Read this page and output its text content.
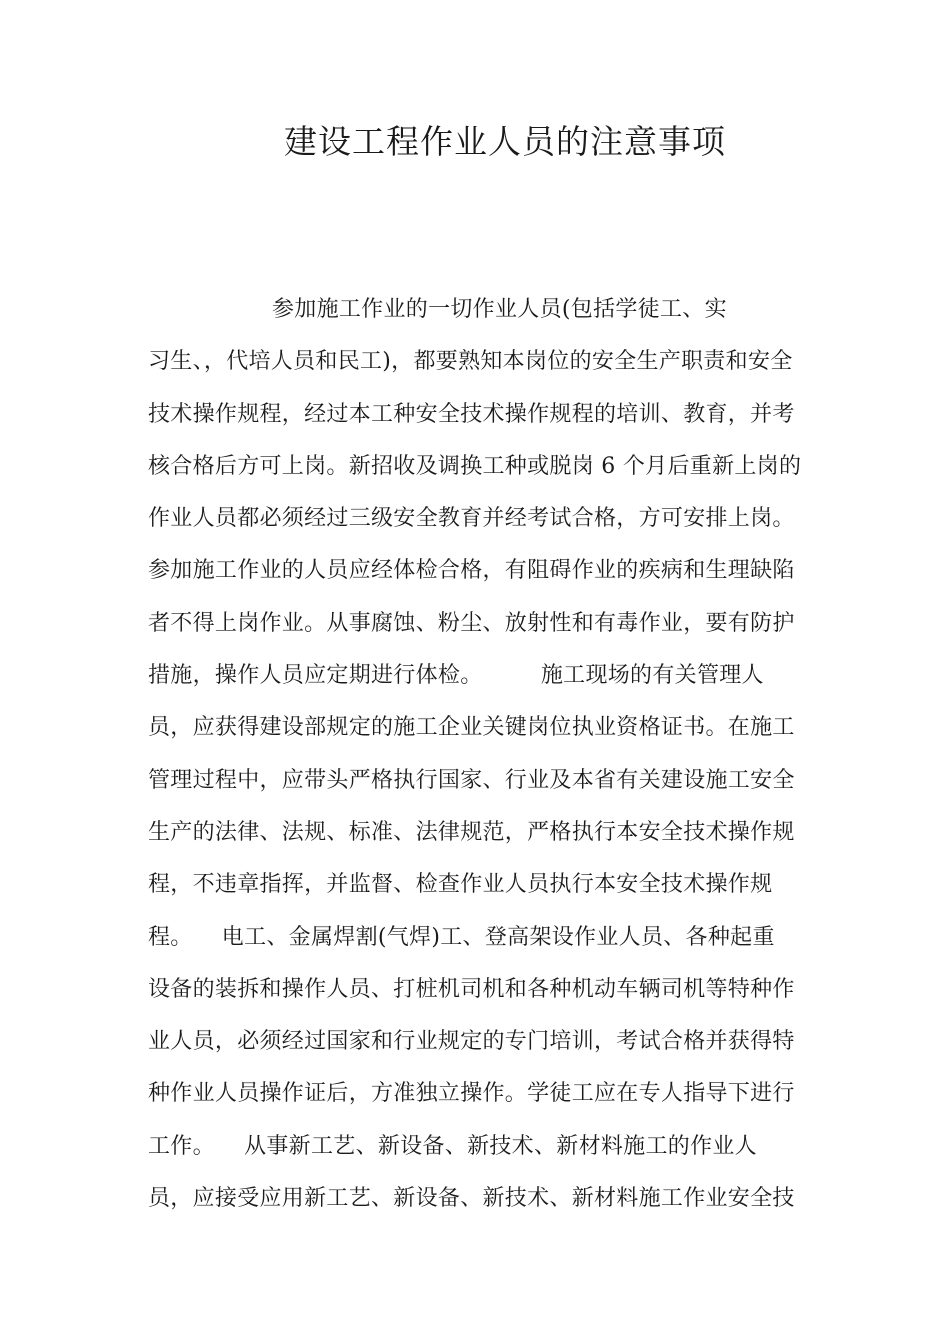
建设工程作业人员的注意事项
参加施工作业的一切作业人员(包括学徒工、实
习生、，代培人员和民工)，都要熟知本岗位的安全生产职责和安全
技术操作规程，经过本工种安全技术操作规程的培训、教育，并考
核合格后方可上岗。新招收及调换工种或脱岗 6 个月后重新上岗的
作业人员都必须经过三级安全教育并经考试合格，方可安排上岗。
参加施工作业的人员应经体检合格，有阻碍作业的疾病和生理缺陷
者不得上岗作业。从事腐蚀、粉尘、放射性和有毒作业，要有防护
措施，操作人员应定期进行体检。        施工现场的有关管理人
员，应获得建设部规定的施工企业关键岗位执业资格证书。在施工
管理过程中，应带头严格执行国家、行业及本省有关建设施工安全
生产的法律、法规、标准、法律规范，严格执行本安全技术操作规
程，不违章指挥，并监督、检查作业人员执行本安全技术操作规
程。    电工、金属焊割(气焊)工、登高架设作业人员、各种起重
设备的装拆和操作人员、打桩机司机和各种机动车辆司机等特种作
业人员，必须经过国家和行业规定的专门培训，考试合格并获得特
种作业人员操作证后，方准独立操作。学徒工应在专人指导下进行
工作。    从事新工艺、新设备、新技术、新材料施工的作业人
员，应接受应用新工艺、新设备、新技术、新材料施工作业安全技
